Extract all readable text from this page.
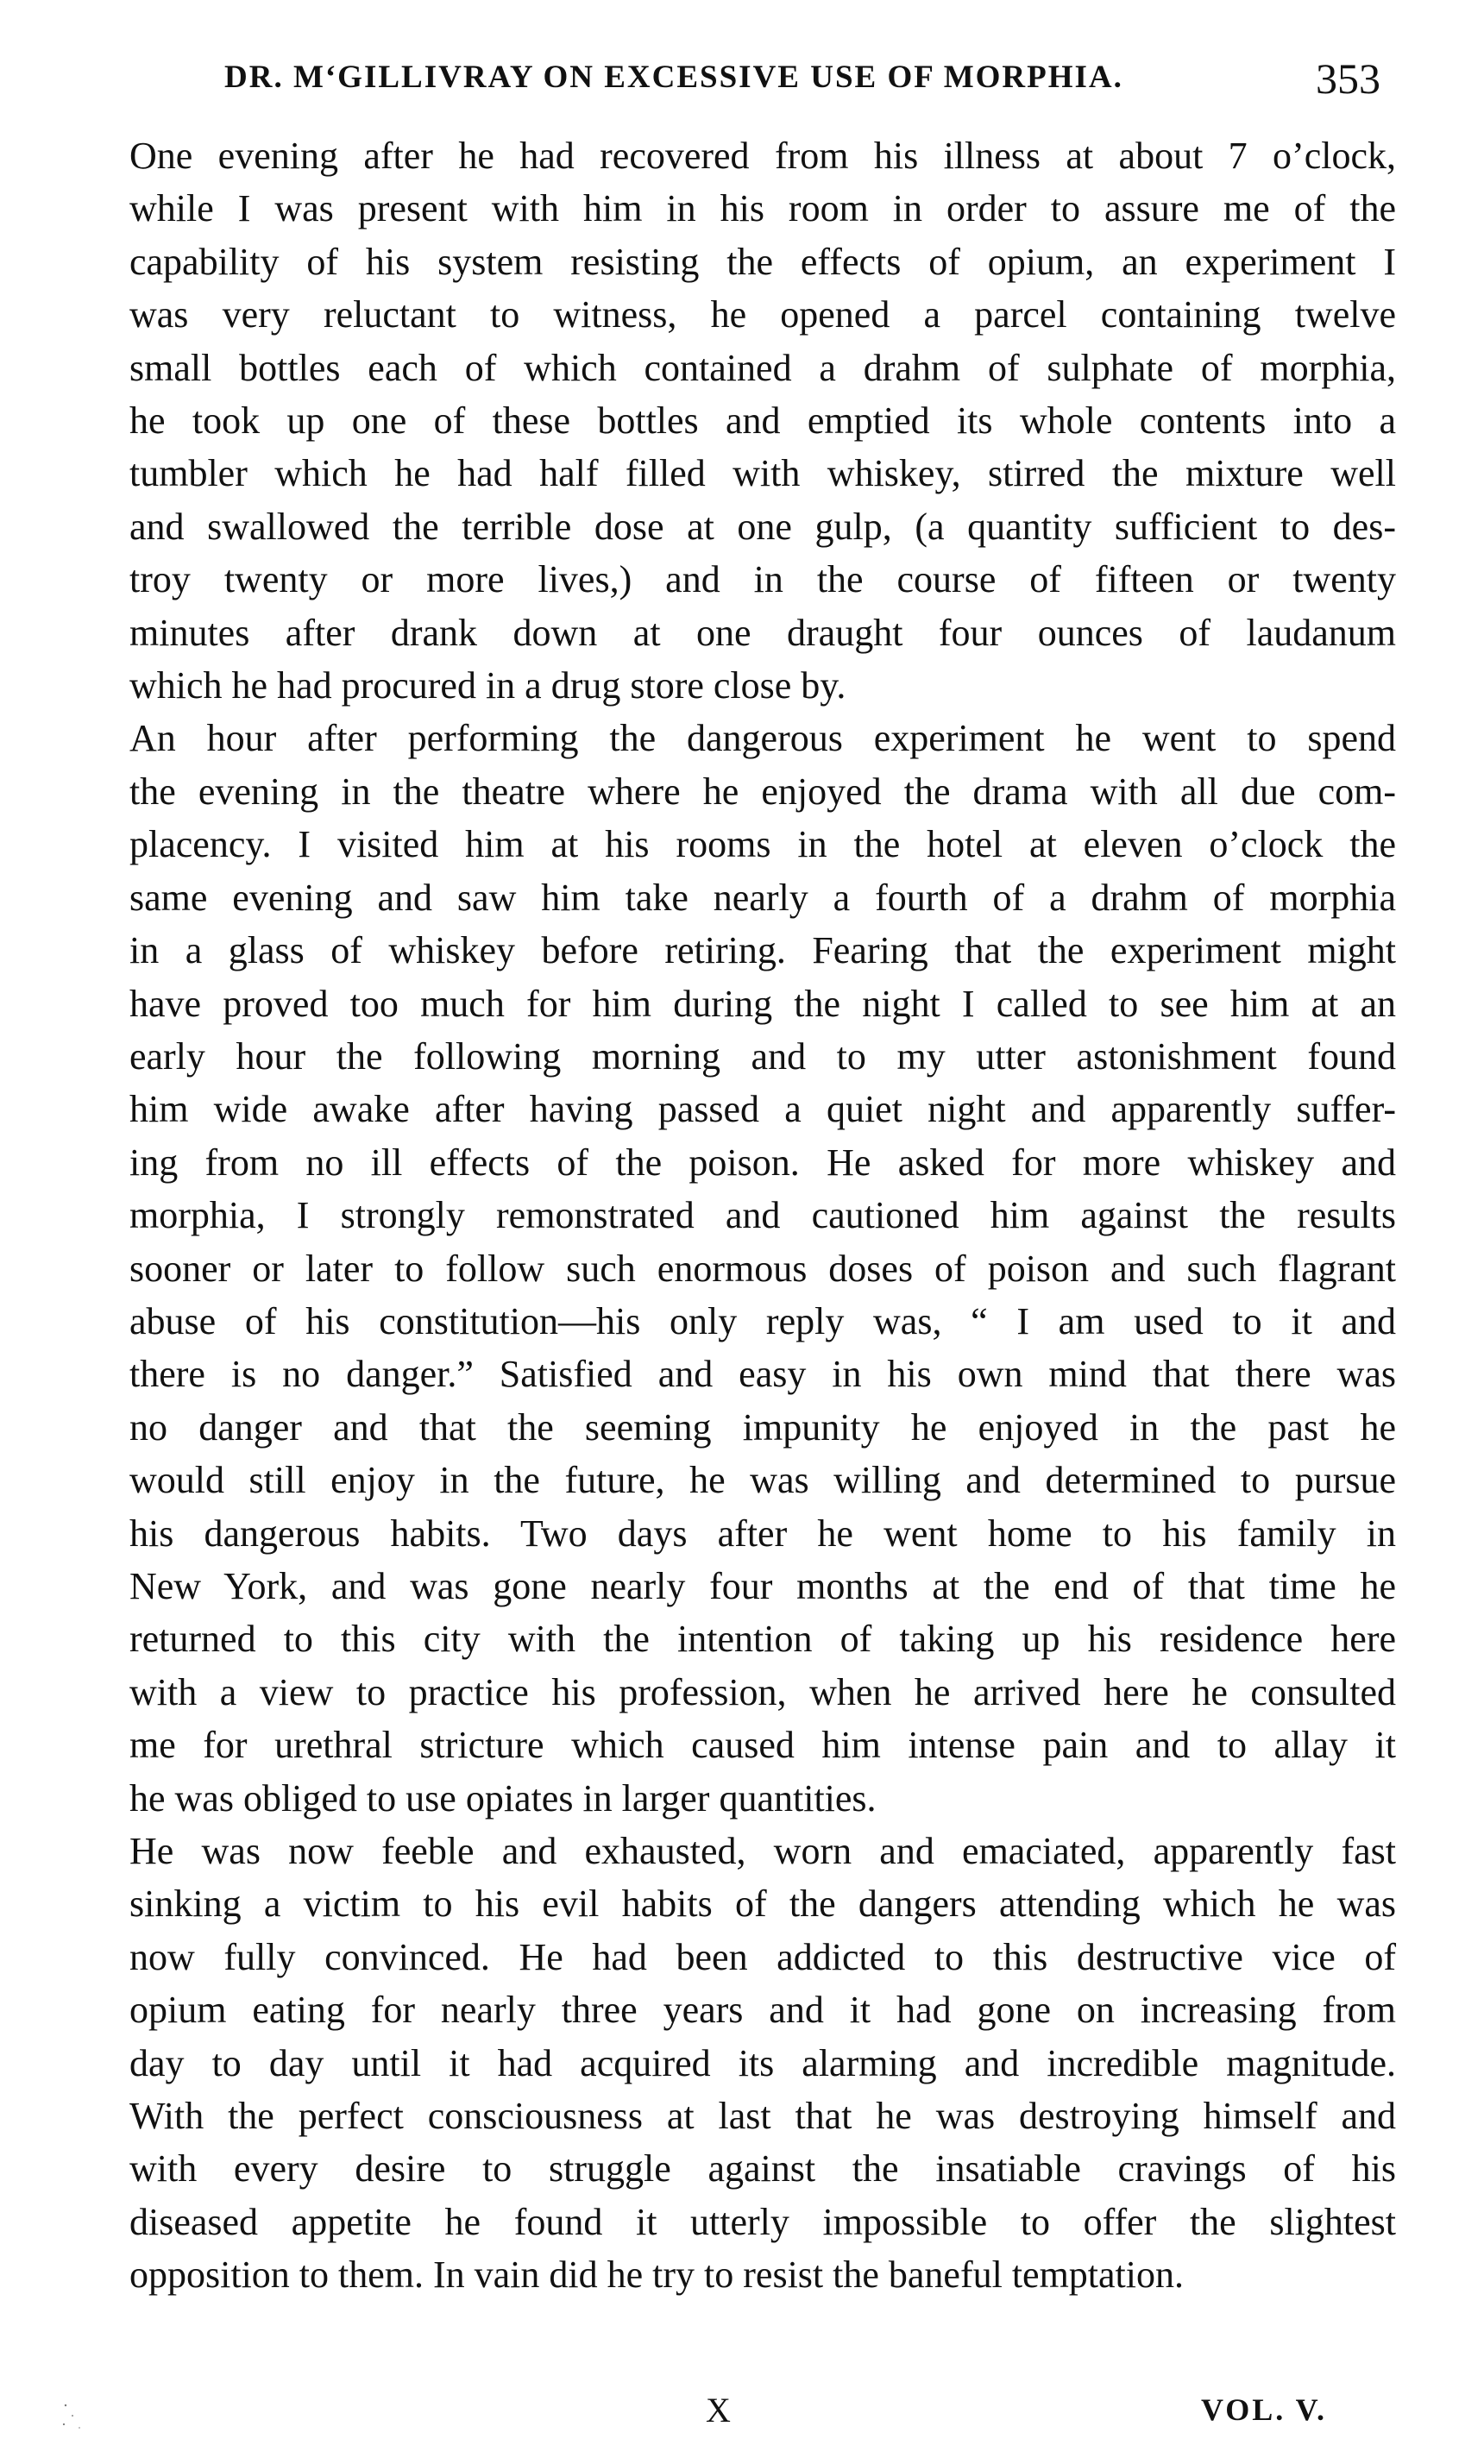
DR. M‘GILLIVRAY ON EXCESSIVE USE OF MORPHIA.	353

One evening after he had recovered from his illness at about 7 o’clock,
while I was present with him in his room in order to assure me of the
capability of his system resisting the effects of opium, an experiment I
was very reluctant to witness, he opened a parcel containing twelve
small bottles each of which contained a drahm of sulphate of morphia,
he took up one of these bottles and emptied its whole contents into a
tumbler which he had half filled with whiskey, stirred the mixture well
and swallowed the terrible dose at one gulp, (a quantity sufficient to des-
troy twenty or more lives,) and in the course of fifteen or twenty
minutes after drank down at one draught four ounces of laudanum
which he had procured in a drug store close by.

An hour after performing the dangerous experiment he went to spend
the evening in the theatre where he enjoyed the drama with all due com-
placency. I visited him at his rooms in the hotel at eleven o’clock the
same evening and saw him take nearly a fourth of a drahm of morphia
in a glass of whiskey before retiring. Fearing that the experiment might
have proved too much for him during the night I called to see him at an
early hour the following morning and to my utter astonishment found
him wide awake after having passed a quiet night and apparently suffer-
ing from no ill effects of the poison. He asked for more whiskey and
morphia, I strongly remonstrated and cautioned him against the results
sooner or later to follow such enormous doses of poison and such flagrant
abuse of his constitution—his only reply was, “ I am used to it and
there is no danger.” Satisfied and easy in his own mind that there was
no danger and that the seeming impunity he enjoyed in the past he
would still enjoy in the future, he was willing and determined to pursue
his dangerous habits. Two days after he went home to his family in
New York, and was gone nearly four months at the end of that time he
returned to this city with the intention of taking up his residence here
with a view to practice his profession, when he arrived here he consulted
me for urethral stricture which caused him intense pain and to allay it
he was obliged to use opiates in larger quantities.

He was now feeble and exhausted, worn and emaciated, apparently fast
sinking a victim to his evil habits of the dangers attending which he was
now fully convinced. He had been addicted to this destructive vice of
opium eating for nearly three years and it had gone on increasing from
day to day until it had acquired its alarming and incredible magnitude.
With the perfect consciousness at last that he was destroying himself and
with every desire to struggle against the insatiable cravings of his
diseased appetite he found it utterly impossible to offer the slightest
opposition to them. In vain did he try to resist the baneful temptation.

X	VOL. V.
